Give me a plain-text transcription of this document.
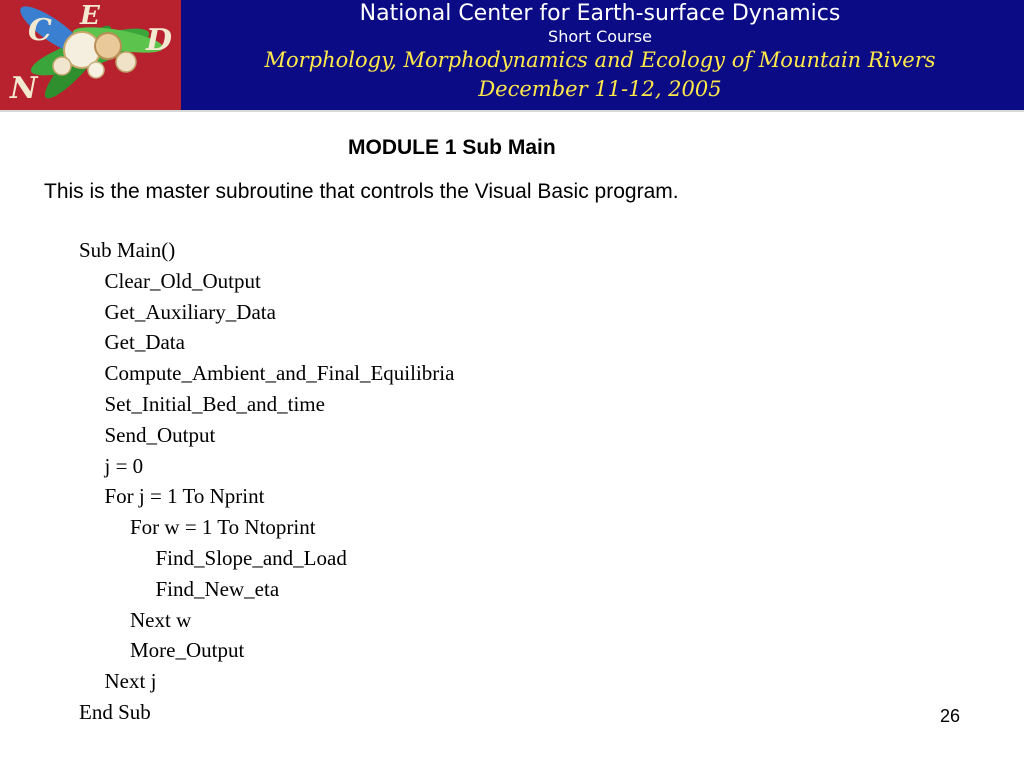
C E
D
N
National Center for Earth-surface Dynamics
Short Course
Morphology, Morphodynamics and Ecology of Mountain Rivers
December 11-12, 2005
MODULE 1 Sub Main
This is the master subroutine that controls the Visual Basic program.
Sub Main()
Clear_Old_Output
Get_Auxiliary_Data
Get_Data
Compute_Ambient_and_Final_Equilibria
Set_Initial_Bed_and_time
Send_Output
j = 0
For j = 1 To Nprint
For w = 1 To Ntoprint
Find_Slope_and_Load
Find_New_eta
Next w
More_Output
Next j
End Sub	26
